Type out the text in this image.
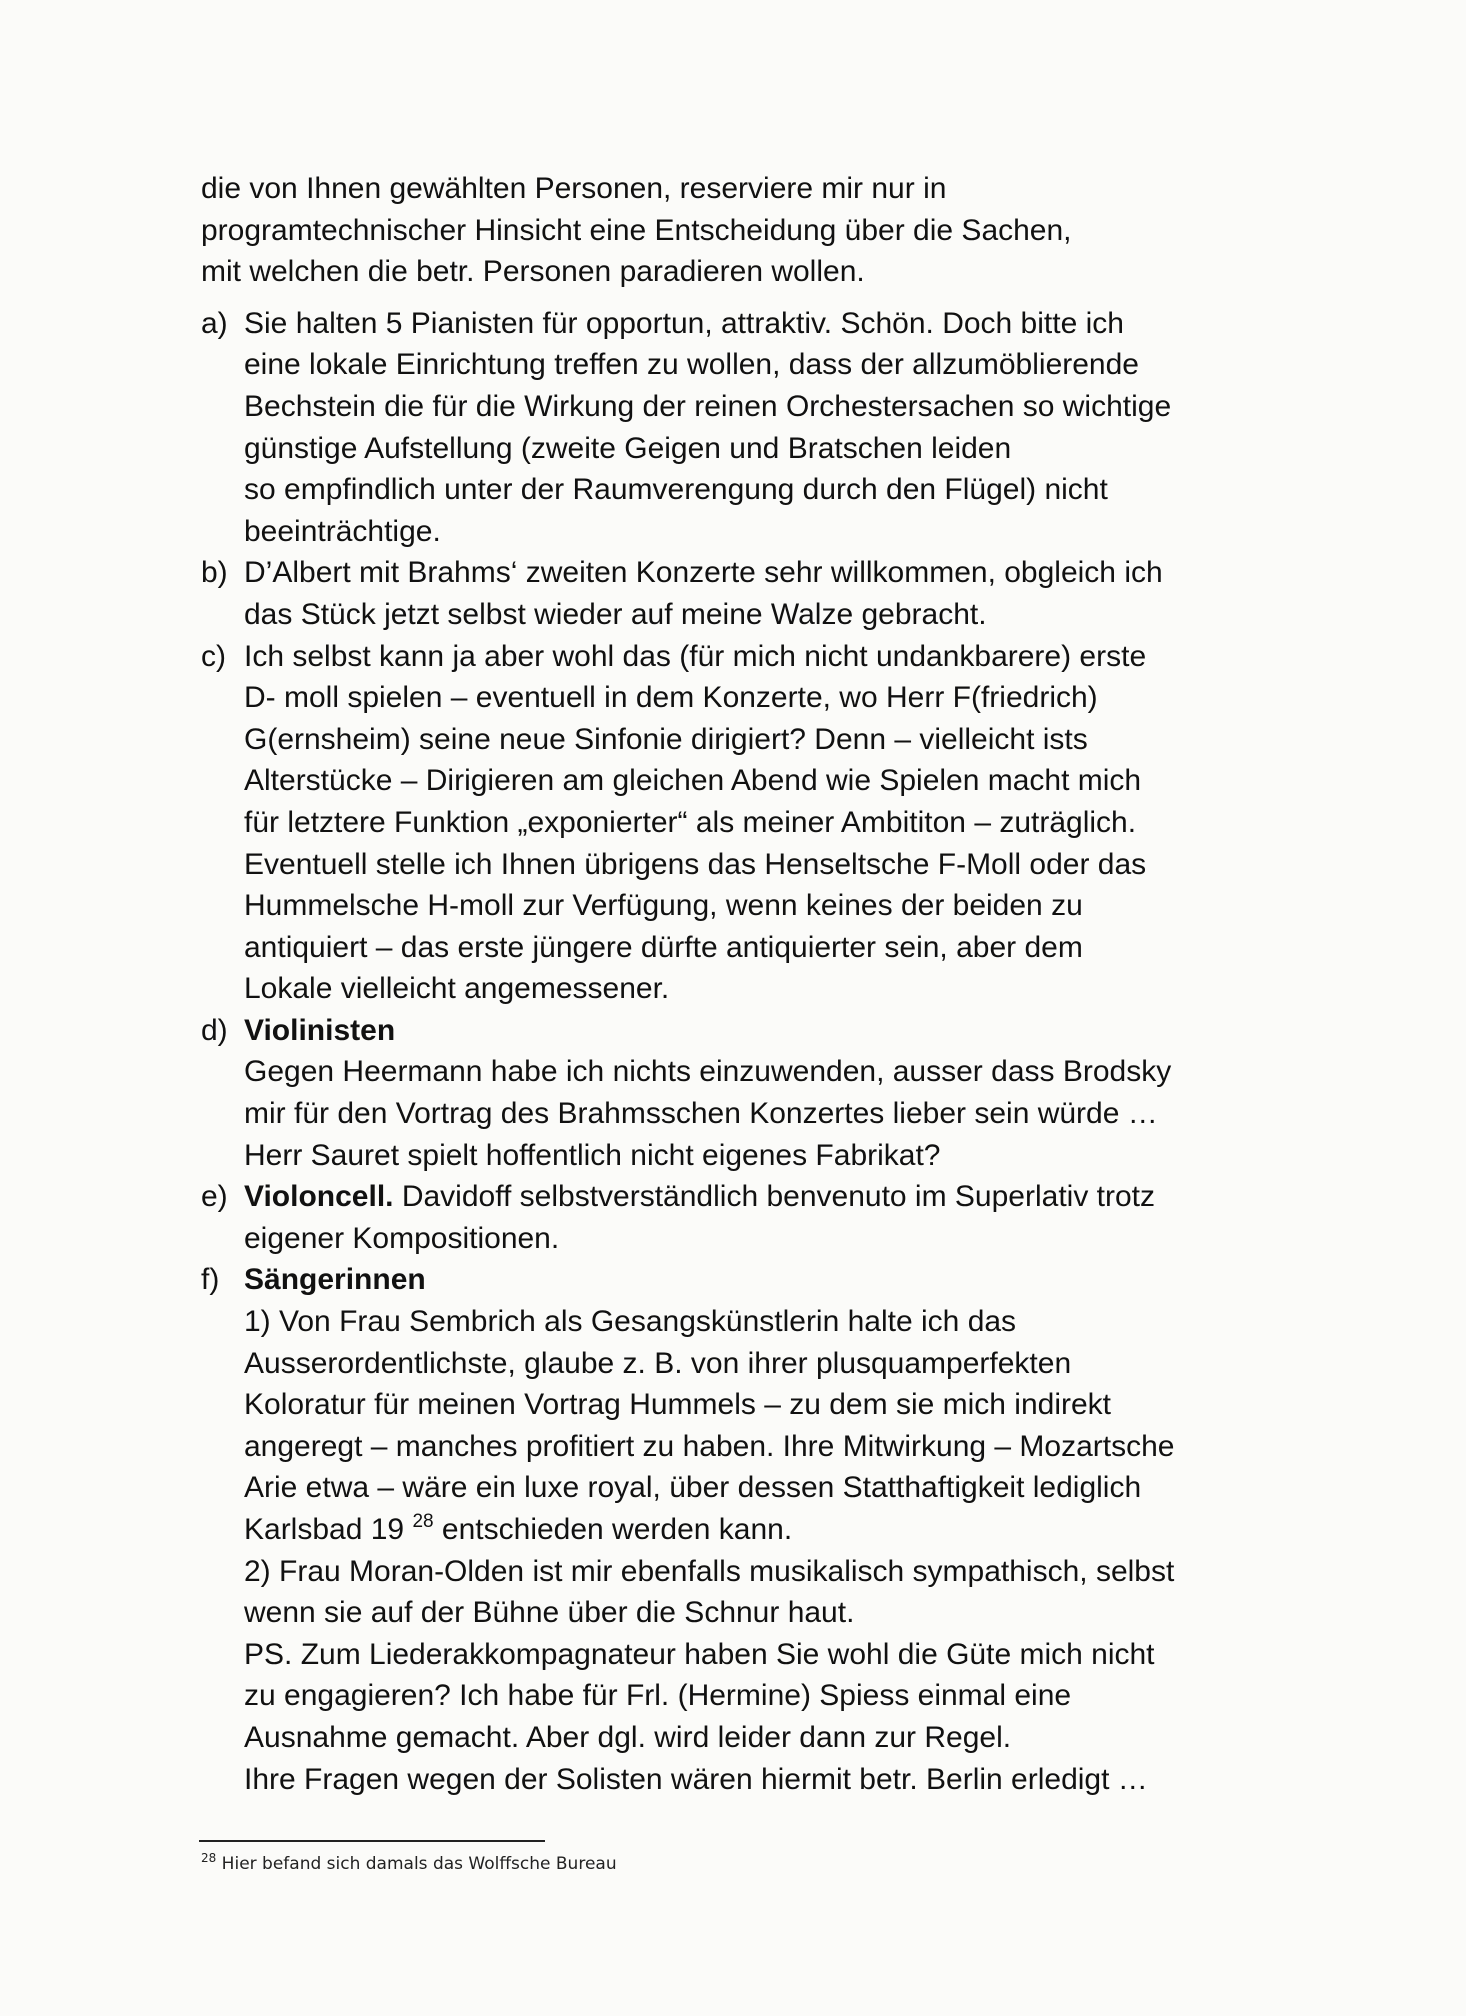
die von Ihnen gewählten Personen, reserviere mir nur in
programtechnischer Hinsicht eine Entscheidung über die Sachen,
mit welchen die betr. Personen paradieren wollen.
a) Sie halten 5 Pianisten für opportun, attraktiv. Schön. Doch bitte ich
eine lokale Einrichtung treffen zu wollen, dass der allzumöblierende
Bechstein die für die Wirkung der reinen Orchestersachen so wichtige
günstige Aufstellung (zweite Geigen und Bratschen leiden
so empfindlich unter der Raumverengung durch den Flügel) nicht
beeinträchtige.
b) D’Albert mit Brahms‘ zweiten Konzerte sehr willkommen, obgleich ich
das Stück jetzt selbst wieder auf meine Walze gebracht.
c) Ich selbst kann ja aber wohl das (für mich nicht undankbarere) erste
D- moll spielen – eventuell in dem Konzerte, wo Herr F(friedrich)
G(ernsheim) seine neue Sinfonie dirigiert? Denn – vielleicht ists
Alterstücke – Dirigieren am gleichen Abend wie Spielen macht mich
für letztere Funktion „exponierter“ als meiner Ambititon – zuträglich.
Eventuell stelle ich Ihnen übrigens das Henseltsche F-Moll oder das
Hummelsche H-moll zur Verfügung, wenn keines der beiden zu
antiquiert – das erste jüngere dürfte antiquierter sein, aber dem
Lokale vielleicht angemessener.
d) Violinisten
Gegen Heermann habe ich nichts einzuwenden, ausser dass Brodsky
mir für den Vortrag des Brahmsschen Konzertes lieber sein würde …
Herr Sauret spielt hoffentlich nicht eigenes Fabrikat?
e) Violoncell. Davidoff selbstverständlich benvenuto im Superlativ trotz
eigener Kompositionen.
f) Sängerinnen
1) Von Frau Sembrich als Gesangskünstlerin halte ich das
Ausserordentlichste, glaube z. B. von ihrer plusquamperfekten
Koloratur für meinen Vortrag Hummels – zu dem sie mich indirekt
angeregt – manches profitiert zu haben. Ihre Mitwirkung – Mozartsche
Arie etwa – wäre ein luxe royal, über dessen Statthaftigkeit lediglich
Karlsbad 19 $^{28}$ entschieden werden kann.
2) Frau Moran-Olden ist mir ebenfalls musikalisch sympathisch, selbst
wenn sie auf der Bühne über die Schnur haut.
PS. Zum Liederakkompagnateur haben Sie wohl die Güte mich nicht
zu engagieren? Ich habe für Frl. (Hermine) Spiess einmal eine
Ausnahme gemacht. Aber dgl. wird leider dann zur Regel.
Ihre Fragen wegen der Solisten wären hiermit betr. Berlin erledigt …
$^{28}$ Hier befand sich damals das Wolffsche Bureau
